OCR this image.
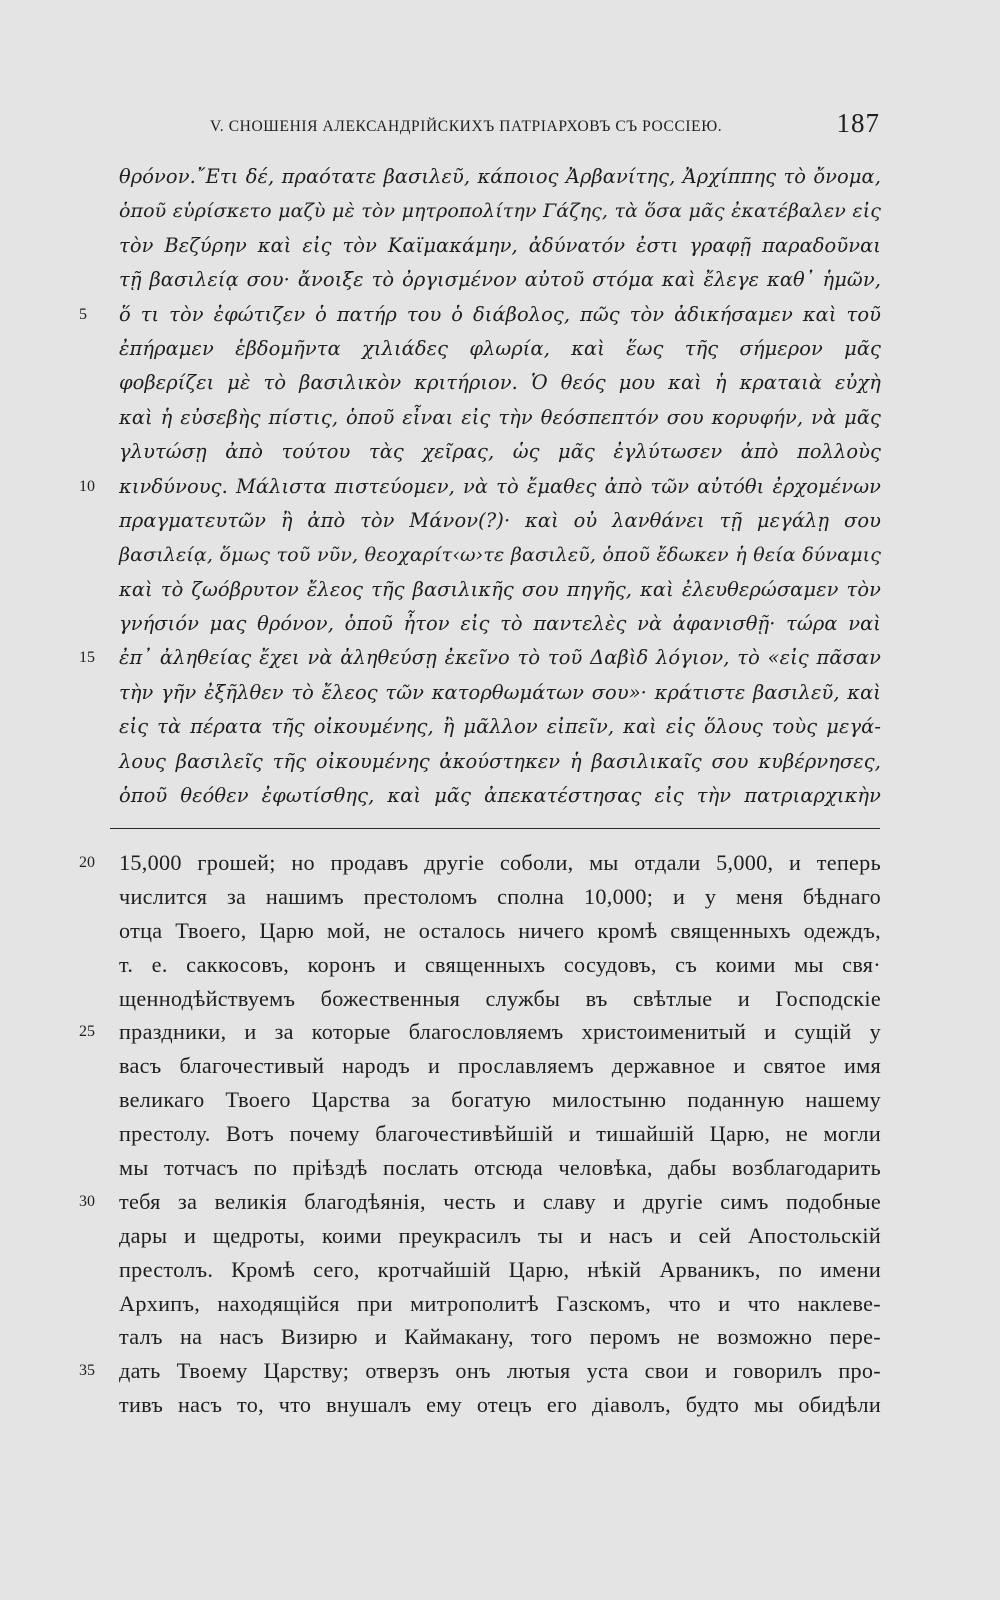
V. СНОШЕНІЯ АЛЕКСАНДРІЙСКИХЪ ПАТРІАРХОВЪ СЪ РОССІЕЮ.	187
θρόνον.῎Ετι δέ, πραότατε βασιλεῦ, κάποιος Ἀρβανίτης, Ἀρχίππης τὸ ὄνομα,
ὁποῦ εὑρίσκετο μαζὺ μὲ τὸν μητροπολίτην Γάζης, τὰ ὅσα μᾶς ἐκατέβαλεν εἰς
τὸν Βεζύρην καὶ εἰς τὸν Καϊμακάμην, ἀδύνατόν ἐστι γραφῇ παραδοῦναι
τῇ βασιλείᾳ σου· ἄνοιξε τὸ ὀργισμένον αὐτοῦ στόμα καὶ ἔλεγε καθ᾽ ἡμῶν,
5	ὅ τι τὸν ἐφώτιζεν ὁ πατήρ του ὁ διάβολος, πῶς τὸν ἀδικήσαμεν καὶ τοῦ
ἐπήραμεν ἑβδομῆντα χιλιάδες φλωρία, καὶ ἕως τῆς σήμερον μᾶς
φοβερίζει μὲ τὸ βασιλικὸν κριτήριον. Ὁ θεός μου καὶ ἡ κραταιὰ εὐχὴ
καὶ ἡ εὐσεβὴς πίστις, ὁποῦ εἶναι εἰς τὴν θεόσπεπτόν σου κορυφήν, νὰ μᾶς
γλυτώσῃ ἀπὸ τούτου τὰς χεῖρας, ὡς μᾶς ἐγλύτωσεν ἀπὸ πολλοὺς
10	κινδύνους. Μάλιστα πιστεύομεν, νὰ τὸ ἔμαθες ἀπὸ τῶν αὐτόθι ἐρχομένων
πραγματευτῶν ἢ ἀπὸ τὸν Μάνον(?)· καὶ οὐ λανθάνει τῇ μεγάλῃ σου
βασιλείᾳ, ὅμως τοῦ νῦν, θεοχαρίτ‹ω›τε βασιλεῦ, ὁποῦ ἔδωκεν ἡ θεία δύναμις
καὶ τὸ ζωόβρυτον ἔλεος τῆς βασιλικῆς σου πηγῆς, καὶ ἐλευθερώσαμεν τὸν
γνήσιόν μας θρόνον, ὁποῦ ἦτον εἰς τὸ παντελὲς νὰ ἀφανισθῇ· τώρα ναὶ
15	ἐπ᾽ ἀληθείας ἔχει νὰ ἀληθεύσῃ ἐκεῖνο τὸ τοῦ Δαβὶδ λόγιον, τὸ «εἰς πᾶσαν
τὴν γῆν ἐξῆλθεν τὸ ἔλεος τῶν κατορθωμάτων σου»· κράτιστε βασιλεῦ, καὶ
εἰς τὰ πέρατα τῆς οἰκουμένης, ἢ μᾶλλον εἰπεῖν, καὶ εἰς ὅλους τοὺς μεγά-
λους βασιλεῖς τῆς οἰκουμένης ἀκούστηκεν ἡ βασιλικαῖς σου κυβέρνησες,
ὁποῦ θεόθεν ἐφωτίσθης, καὶ μᾶς ἀπεκατέστησας εἰς τὴν πατριαρχικὴν
20	15,000 грошей; но продавъ другіе соболи, мы отдали 5,000, и теперь
числится за нашимъ престоломъ сполна 10,000; и у меня бѣднаго
отца Твоего, Царю мой, не осталось ничего кромѣ священныхъ одеждъ,
т. е. саккосовъ, коронъ и священныхъ сосудовъ, съ коими мы свя·
щеннодѣйствуемъ божественныя службы въ свѣтлые и Господскіе
25	праздники, и за которые благословляемъ христоименитый и сущій у
васъ благочестивый народъ и прославляемъ державное и святое имя
великаго Твоего Царства за богатую милостыню поданную нашему
престолу. Вотъ почему благочестивѣйшій и тишайшій Царю, не могли
мы тотчасъ по пріѣздѣ послать отсюда человѣка, дабы возблагодарить
30	тебя за великія благодѣянія, честь и славу и другіе симъ подобные
дары и щедроты, коими преукрасилъ ты и насъ и сей Апостольскій
престолъ. Кромѣ сего, кротчайшій Царю, нѣкій Арваникъ, по имени
Архипъ, находящійся при митрополитѣ Газскомъ, что и что наклеве-
талъ на насъ Визирю и Каймакану, того перомъ не возможно пере-
35	дать Твоему Царству; отверзъ онъ лютыя уста свои и говорилъ про-
тивъ насъ то, что внушалъ ему отецъ его діаволъ, будто мы обидѣли
